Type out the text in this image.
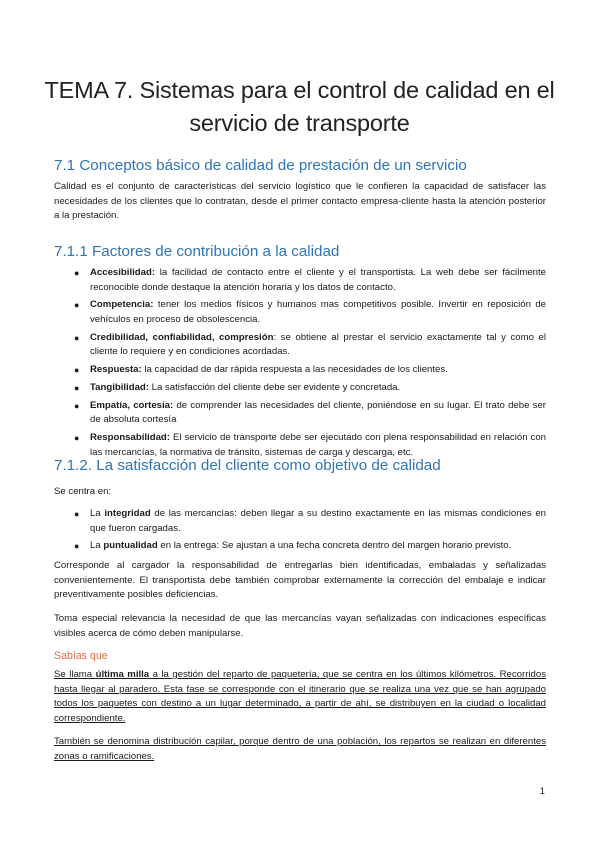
TEMA 7. Sistemas para el control de calidad en el servicio de transporte
7.1 Conceptos básico de calidad de prestación de un servicio

Calidad es el conjunto de características del servicio logístico que le confieren la capacidad de satisfacer las necesidades de los clientes que lo contratan, desde el primer contacto empresa-cliente hasta la atención posterior a la prestación.

7.1.1 Factores de contribución a la calidad
● Accesibilidad: la facilidad de contacto entre el cliente y el transportista. La web debe ser fácilmente reconocible donde destaque la atención horaria y los datos de contacto.
● Competencia: tener los medios físicos y humanos mas competitivos posible. Invertir en reposición de vehículos en proceso de obsolescencia.
● Credibilidad, confiabilidad, compresión: se obtiene al prestar el servicio exactamente tal y como el cliente lo requiere y en condiciones acordadas.
● Respuesta: la capacidad de dar rápida respuesta a las necesidades de los clientes.
● Tangibilidad: La satisfacción del cliente debe ser evidente y concretada.
● Empatía, cortesía: de comprender las necesidades del cliente, poniéndose en su lugar. El trato debe ser de absoluta cortesía
● Responsabilidad: El servicio de transporte debe ser ejecutado con plena responsabilidad en relación con las mercancías, la normativa de tránsito, sistemas de carga y descarga, etc.
7.1.2. La satisfacción del cliente como objetivo de calidad

Se centra en:

● La integridad de las mercancías: deben llegar a su destino exactamente en las mismas condiciones en que fueron cargadas.
● La puntualidad en la entrega: Se ajustan a una fecha concreta dentro del margen horario previsto.

Corresponde al cargador la responsabilidad de entregarlas bien identificadas, embaladas y señalizadas convenientemente. El transportista debe también comprobar externamente la corrección del embalaje e indicar preventivamente posibles deficiencias.

Toma especial relevancia la necesidad de que las mercancías vayan señalizadas con indicaciones específicas visibles acerca de cómo deben manipularse.

Sabías que

Se llama última milla a la gestión del reparto de paquetería, que se centra en los últimos kilómetros. Recorridos hasta llegar al paradero. Esta fase se corresponde con el itinerario que se realiza una vez que se han agrupado todos los paquetes con destino a un lugar determinado, a partir de ahí, se distribuyen en la ciudad o localidad correspondiente.

También se denomina distribución capilar, porque dentro de una población, los repartos se realizan en diferentes zonas o ramificaciones.

1
